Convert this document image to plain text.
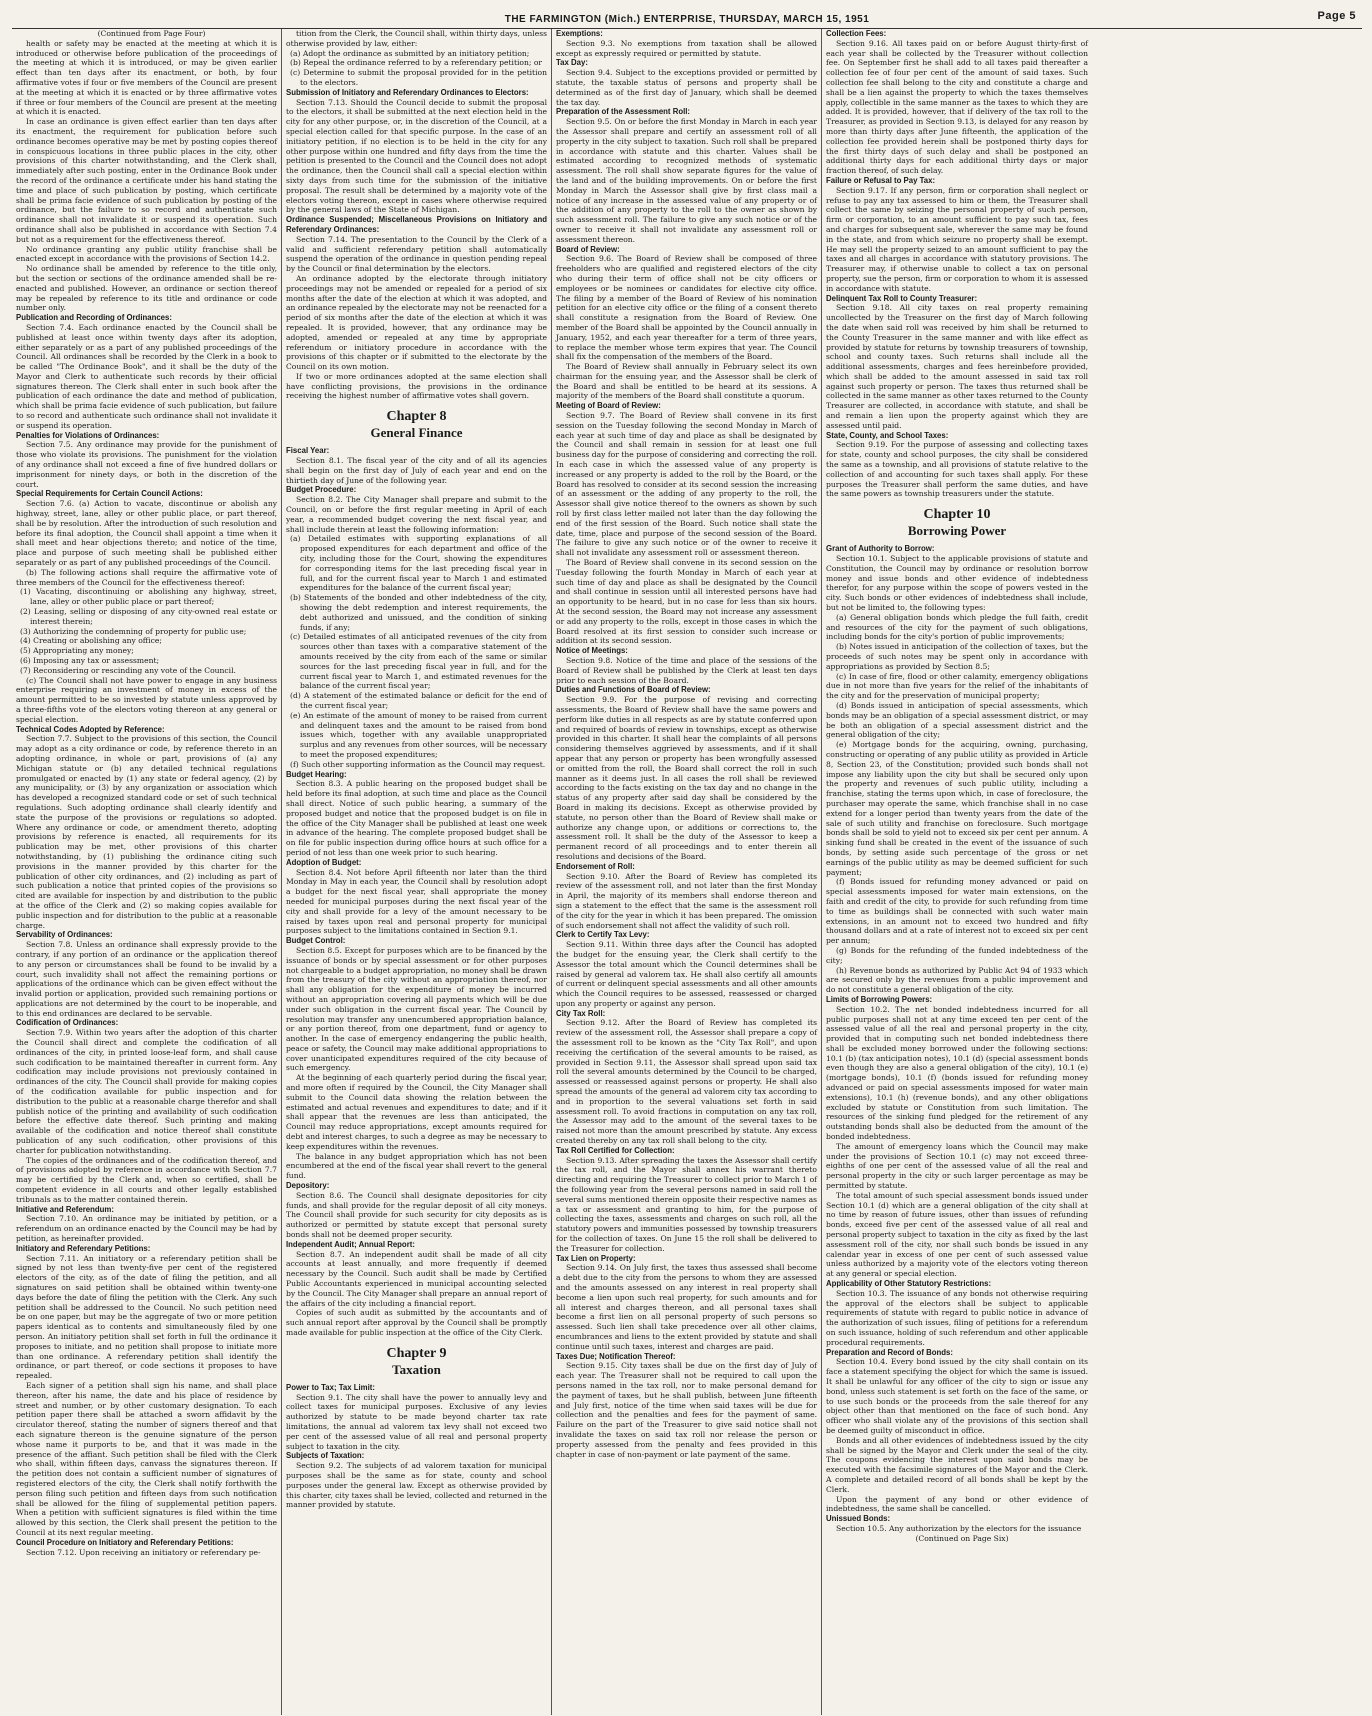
THE FARMINGTON (Mich.) ENTERPRISE, THURSDAY, MARCH 15, 1951	Page 5

(Continued from Page Four)

health or safety may be enacted at the meeting at which it is introduced or otherwise before publication of the proceedings of the meeting at which it is introduced, or may be given earlier effect than ten days after its enactment, or both, by four affirmative votes if four or five members of the Council are present at the meeting at which it is enacted or by three affirmative votes if three or four members of the Council are present at the meeting at which it is enacted.

In case an ordinance is given effect earlier than ten days after its enactment, the requirement for publication before such ordinance becomes operative may be met by posting copies thereof in conspicuous locations in three public places in the city, other provisions of this charter notwithstanding, and the Clerk shall, immediately after such posting, enter in the Ordinance Book under the record of the ordinance a certificate under his hand stating the time and place of such publication by posting, which certificate shall be prima facie evidence of such publication by posting of the ordinance, but the failure to so record and authenticate such ordinance shall not invalidate it or suspend its operation. Such ordinance shall also be published in accordance with Section 7.4 but not as a requirement for the effectiveness thereof.

No ordinance granting any public utility franchise shall be enacted except in accordance with the provisions of Section 14.2.

No ordinance shall be amended by reference to the title only, but the section or sections of the ordinance amended shall be re-enacted and published. However, an ordinance or section thereof may be repealed by reference to its title and ordinance or code number only.

Publication and Recording of Ordinances:

Section 7.4. Each ordinance enacted by the Council shall be published at least once within twenty days after its adoption, either separately or as a part of any published proceedings of the Council. All ordinances shall be recorded by the Clerk in a book to be called "The Ordinance Book", and it shall be the duty of the Mayor and Clerk to authenticate such records by their official signatures thereon. The Clerk shall enter in such book after the publication of each ordinance the date and method of publication, which shall be prima facie evidence of such publication, but failure to so record and authenticate such ordinance shall not invalidate it or suspend its operation.

Penalties for Violations of Ordinances:

Section 7.5. Any ordinance may provide for the punishment of those who violate its provisions. The punishment for the violation of any ordinance shall not exceed a fine of five hundred dollars or imprisonment for ninety days, or both in the discretion of the court.

Special Requirements for Certain Council Actions:

Section 7.6. (a) Action to vacate, discontinue or abolish any highway, street, lane, alley or other public place, or part thereof, shall be by resolution. After the introduction of such resolution and before its final adoption, the Council shall appoint a time when it shall meet and hear objections thereto; and notice of the time, place and purpose of such meeting shall be published either separately or as part of any published proceedings of the Council.

(b) The following actions shall require the affirmative vote of three members of the Council for the effectiveness thereof:

(1) Vacating, discontinuing or abolishing any highway, street, lane, alley or other public place or part thereof;

(2) Leasing, selling or disposing of any city-owned real estate or interest therein;

(3) Authorizing the condemning of property for public use;

(4) Creating or abolishing any office;

(5) Appropriating any money;

(6) Imposing any tax or assessment;

(7) Reconsidering or rescinding any vote of the Council.

(c) The Council shall not have power to engage in any business enterprise requiring an investment of money in excess of the amount permitted to be so invested by statute unless approved by a three-fifths vote of the electors voting thereon at any general or special election.

Technical Codes Adopted by Reference:

Section 7.7. Subject to the provisions of this section, the Council may adopt as a city ordinance or code, by reference thereto in an adopting ordinance, in whole or part, provisions of (a) any Michigan statute or (b) any detailed technical regulations promulgated or enacted by (1) any state or federal agency, (2) by any municipality, or (3) by any organization or association which has developed a recognized standard code or set of such technical regulations. Such adopting ordinance shall clearly identify and state the purpose of the provisions or regulations so adopted. Where any ordinance or code, or amendment thereto, adopting provisions by reference is enacted, all requirements for its publication may be met, other provisions of this charter notwithstanding, by (1) publishing the ordinance citing such provisions in the manner provided by this charter for the publication of other city ordinances, and (2) including as part of such publication a notice that printed copies of the provisions so cited are available for inspection by and distribution to the public at the office of the Clerk and (2) so making copies available for public inspection and for distribution to the public at a reasonable charge.

Servability of Ordinances:

Section 7.8. Unless an ordinance shall expressly provide to the contrary, if any portion of an ordinance or the application thereof to any person or circumstances shall be found to be invalid by a court, such invalidity shall not affect the remaining portions or applications of the ordinance which can be given effect without the invalid portion or application, provided such remaining portions or applications are not determined by the court to be inoperable, and to this end ordinances are declared to be servable.

Codification of Ordinances:

Section 7.9. Within two years after the adoption of this charter the Council shall direct and complete the codification of all ordinances of the city, in printed loose-leaf form, and shall cause such codification to be maintained thereafter in current form. Any codification may include provisions not previously contained in ordinances of the city. The Council shall provide for making copies of the codification available for public inspection and for distribution to the public at a reasonable charge therefor and shall publish notice of the printing and availability of such codification before the effective date thereof. Such printing and making available of the codification and notice thereof shall constitute publication of any such codification, other provisions of this charter for publication notwithstanding.

The copies of the ordinances and of the codification thereof, and of provisions adopted by reference in accordance with Section 7.7 may be certified by the Clerk and, when so certified, shall be competent evidence in all courts and other legally established tribunals as to the matter contained therein.

Initiative and Referendum:

Section 7.10. An ordinance may be initiated by petition, or a referendum on an ordinance enacted by the Council may be had by petition, as hereinafter provided.

Initiatory and Referendary Petitions:

Section 7.11. An initiatory or a referendary petition shall be signed by not less than twenty-five per cent of the registered electors of the city, as of the date of filing the petition, and all signatures on said petition shall be obtained within twenty-one days before the date of filing the petition with the Clerk. Any such petition shall be addressed to the Council. No such petition need be on one paper, but may be the aggregate of two or more petition papers identical as to contents and simultaneously filed by one person. An initiatory petition shall set forth in full the ordinance it proposes to initiate, and no petition shall propose to initiate more than one ordinance. A referendary petition shall identify the ordinance, or part thereof, or code sections it proposes to have repealed.

Each signer of a petition shall sign his name, and shall place thereon, after his name, the date and his place of residence by street and number, or by other customary designation. To each petition paper there shall be attached a sworn affidavit by the circulator thereof, stating the number of signers thereof and that each signature thereon is the genuine signature of the person whose name it purports to be, and that it was made in the presence of the affiant. Such petition shall be filed with the Clerk who shall, within fifteen days, canvass the signatures thereon. If the petition does not contain a sufficient number of signatures of registered electors of the city, the Clerk shall notify forthwith the person filing such petition and fifteen days from such notification shall be allowed for the filing of supplemental petition papers. When a petition with sufficient signatures is filed within the time allowed by this section, the Clerk shall present the petition to the Council at its next regular meeting.

Council Procedure on Initiatory and Referendary Petitions:

Section 7.12. Upon receiving an initiatory or referendary pe-

tition from the Clerk, the Council shall, within thirty days, unless otherwise provided by law, either:

(a) Adopt the ordinance as submitted by an initiatory petition;

(b) Repeal the ordinance referred to by a referendary petition; or

(c) Determine to submit the proposal provided for in the petition to the electors.

Submission of Initiatory and Referendary Ordinances to Electors:

Section 7.13. Should the Council decide to submit the proposal to the electors, it shall be submitted at the next election held in the city for any other purpose, or, in the discretion of the Council, at a special election called for that specific purpose. In the case of an initiatory petition, if no election is to be held in the city for any other purpose within one hundred and fifty days from the time the petition is presented to the Council and the Council does not adopt the ordinance, then the Council shall call a special election within sixty days from such time for the submission of the initiative proposal. The result shall be determined by a majority vote of the electors voting thereon, except in cases where otherwise required by the general laws of the State of Michigan.

Ordinance Suspended; Miscellaneous Provisions on Initiatory and Referendary Ordinances:

Section 7.14. The presentation to the Council by the Clerk of a valid and sufficient referendary petition shall automatically suspend the operation of the ordinance in question pending repeal by the Council or final determination by the electors.

An ordinance adopted by the electorate through initiatory proceedings may not be amended or repealed for a period of six months after the date of the election at which it was adopted, and an ordinance repealed by the electorate may not be reenacted for a period of six months after the date of the election at which it was repealed. It is provided, however, that any ordinance may be adopted, amended or repealed at any time by appropriate referendum or initiatory procedure in accordance with the provisions of this chapter or if submitted to the electorate by the Council on its own motion.

If two or more ordinances adopted at the same election shall have conflicting provisions, the provisions in the ordinance receiving the highest number of affirmative votes shall govern.

Chapter 8
General Finance

Fiscal Year:

Section 8.1. The fiscal year of the city and of all its agencies shall begin on the first day of July of each year and end on the thirtieth day of June of the following year.

Budget Procedure:

Section 8.2. The City Manager shall prepare and submit to the Council, on or before the first regular meeting in April of each year, a recommended budget covering the next fiscal year, and shall include therein at least the following information:

(a) Detailed estimates with supporting explanations of all proposed expenditures for each department and office of the city, including those for the Court, showing the expenditures for corresponding items for the last preceding fiscal year in full, and for the current fiscal year to March 1 and estimated expenditures for the balance of the current fiscal year;

(b) Statements of the bonded and other indebtedness of the city, showing the debt redemption and interest requirements, the debt authorized and unissued, and the condition of sinking funds, if any;

(c) Detailed estimates of all anticipated revenues of the city from sources other than taxes with a comparative statement of the amounts received by the city from each of the same or similar sources for the last preceding fiscal year in full, and for the current fiscal year to March 1, and estimated revenues for the balance of the current fiscal year;

(d) A statement of the estimated balance or deficit for the end of the current fiscal year;

(e) An estimate of the amount of money to be raised from current and delinquent taxes and the amount to be raised from bond issues which, together with any available unappropriated surplus and any revenues from other sources, will be necessary to meet the proposed expenditures;

(f) Such other supporting information as the Council may request.

Budget Hearing:

Section 8.3. A public hearing on the proposed budget shall be held before its final adoption, at such time and place as the Council shall direct. Notice of such public hearing, a summary of the proposed budget and notice that the proposed budget is on file in the office of the City Manager shall be published at least one week in advance of the hearing. The complete proposed budget shall be on file for public inspection during office hours at such office for a period of not less than one week prior to such hearing.

Adoption of Budget:

Section 8.4. Not before April fifteenth nor later than the third Monday in May in each year, the Council shall by resolution adopt a budget for the next fiscal year, shall appropriate the money needed for municipal purposes during the next fiscal year of the city and shall provide for a levy of the amount necessary to be raised by taxes upon real and personal property for municipal purposes subject to the limitations contained in Section 9.1.

Budget Control:

Section 8.5. Except for purposes which are to be financed by the issuance of bonds or by special assessment or for other purposes not chargeable to a budget appropriation, no money shall be drawn from the treasury of the city without an appropriation thereof, nor shall any obligation for the expenditure of money be incurred without an appropriation covering all payments which will be due under such obligation in the current fiscal year. The Council by resolution may transfer any unencumbered appropriation balance, or any portion thereof, from one department, fund or agency to another. In the case of emergency endangering the public health, peace or safety, the Council may make additional appropriations to cover unanticipated expenditures required of the city because of such emergency.

At the beginning of each quarterly period during the fiscal year, and more often if required by the Council, the City Manager shall submit to the Council data showing the relation between the estimated and actual revenues and expenditures to date; and if it shall appear that the revenues are less than anticipated, the Council may reduce appropriations, except amounts required for debt and interest charges, to such a degree as may be necessary to keep expenditures within the revenues.

The balance in any budget appropriation which has not been encumbered at the end of the fiscal year shall revert to the general fund.

Depository:

Section 8.6. The Council shall designate depositories for city funds, and shall provide for the regular deposit of all city moneys. The Council shall provide for such security for city deposits as is authorized or permitted by statute except that personal surety bonds shall not be deemed proper security.

Independent Audit; Annual Report:

Section 8.7. An independent audit shall be made of all city accounts at least annually, and more frequently if deemed necessary by the Council. Such audit shall be made by Certified Public Accountants experienced in municipal accounting selected by the Council. The City Manager shall prepare an annual report of the affairs of the city including a financial report.

Copies of such audit as submitted by the accountants and of such annual report after approval by the Council shall be promptly made available for public inspection at the office of the City Clerk.

Chapter 9
Taxation

Power to Tax; Tax Limit:

Section 9.1. The city shall have the power to annually levy and collect taxes for municipal purposes. Exclusive of any levies authorized by statute to be made beyond charter tax rate limitations, the annual ad valorem tax levy shall not exceed two per cent of the assessed value of all real and personal property subject to taxation in the city.

Subjects of Taxation:

Section 9.2. The subjects of ad valorem taxation for municipal purposes shall be the same as for state, county and school purposes under the general law. Except as otherwise provided by this charter, city taxes shall be levied, collected and returned in the manner provided by statute.

Exemptions:

Section 9.3. No exemptions from taxation shall be allowed except as expressly required or permitted by statute.

Tax Day:

Section 9.4. Subject to the exceptions provided or permitted by statute, the taxable status of persons and property shall be determined as of the first day of January, which shall be deemed the tax day.

Preparation of the Assessment Roll:

Section 9.5. On or before the first Monday in March in each year the Assessor shall prepare and certify an assessment roll of all property in the city subject to taxation. Such roll shall be prepared in accordance with statute and this charter. Values shall be estimated according to recognized methods of systematic assessment. The roll shall show separate figures for the value of the land and of the building improvements. On or before the first Monday in March the Assessor shall give by first class mail a notice of any increase in the assessed value of any property or of the addition of any property to the roll to the owner as shown by such assessment roll. The failure to give any such notice or of the owner to receive it shall not invalidate any assessment roll or assessment thereon.

Board of Review:

Section 9.6. The Board of Review shall be composed of three freeholders who are qualified and registered electors of the city who during their term of office shall not be city officers or employees or be nominees or candidates for elective city office. The filing by a member of the Board of Review of his nomination petition for an elective city office or the filing of a consent thereto shall constitute a resignation from the Board of Review. One member of the Board shall be appointed by the Council annually in January, 1952, and each year thereafter for a term of three years, to replace the member whose term expires that year. The Council shall fix the compensation of the members of the Board.

The Board of Review shall annually in February select its own chairman for the ensuing year, and the Assessor shall be clerk of the Board and shall be entitled to be heard at its sessions. A majority of the members of the Board shall constitute a quorum.

Meeting of Board of Review:

Section 9.7. The Board of Review shall convene in its first session on the Tuesday following the second Monday in March of each year at such time of day and place as shall be designated by the Council and shall remain in session for at least one full business day for the purpose of considering and correcting the roll. In each case in which the assessed value of any property is increased or any property is added to the roll by the Board, or the Board has resolved to consider at its second session the increasing of an assessment or the adding of any property to the roll, the Assessor shall give notice thereof to the owners as shown by such roll by first class letter mailed not later than the day following the end of the first session of the Board. Such notice shall state the date, time, place and purpose of the second session of the Board. The failure to give any such notice or of the owner to receive it shall not invalidate any assessment roll or assessment thereon.

The Board of Review shall convene in its second session on the Tuesday following the fourth Monday in March of each year at such time of day and place as shall be designated by the Council and shall continue in session until all interested persons have had an opportunity to be heard, but in no case for less than six hours. At the second session, the Board may not increase any assessment or add any property to the rolls, except in those cases in which the Board resolved at its first session to consider such increase or addition at its second session.

Notice of Meetings:

Section 9.8. Notice of the time and place of the sessions of the Board of Review shall be published by the Clerk at least ten days prior to each session of the Board.

Duties and Functions of Board of Review:

Section 9.9. For the purpose of revising and correcting assessments, the Board of Review shall have the same powers and perform like duties in all respects as are by statute conferred upon and required of boards of review in townships, except as otherwise provided in this charter. It shall hear the complaints of all persons considering themselves aggrieved by assessments, and if it shall appear that any person or property has been wrongfully assessed or omitted from the roll, the Board shall correct the roll in such manner as it deems just. In all cases the roll shall be reviewed according to the facts existing on the tax day and no change in the status of any property after said day shall be considered by the Board in making its decisions. Except as otherwise provided by statute, no person other than the Board of Review shall make or authorize any change upon, or additions or corrections to, the assessment roll. It shall be the duty of the Assessor to keep a permanent record of all proceedings and to enter therein all resolutions and decisions of the Board.

Endorsement of Roll:

Section 9.10. After the Board of Review has completed its review of the assessment roll, and not later than the first Monday in April, the majority of its members shall endorse thereon and sign a statement to the effect that the same is the assessment roll of the city for the year in which it has been prepared. The omission of such endorsement shall not affect the validity of such roll.

Clerk to Certify Tax Levy:

Section 9.11. Within three days after the Council has adopted the budget for the ensuing year, the Clerk shall certify to the Assessor the total amount which the Council determines shall be raised by general ad valorem tax. He shall also certify all amounts of current or delinquent special assessments and all other amounts which the Council requires to be assessed, reassessed or charged upon any property or against any person.

City Tax Roll:

Section 9.12. After the Board of Review has completed its review of the assessment roll, the Assessor shall prepare a copy of the assessment roll to be known as the "City Tax Roll", and upon receiving the certification of the several amounts to be raised, as provided in Section 9.11, the Assessor shall spread upon said tax roll the several amounts determined by the Council to be charged, assessed or reassessed against persons or property. He shall also spread the amounts of the general ad valorem city tax according to and in proportion to the several valuations set forth in said assessment roll. To avoid fractions in computation on any tax roll, the Assessor may add to the amount of the several taxes to be raised not more than the amount prescribed by statute. Any excess created thereby on any tax roll shall belong to the city.

Tax Roll Certified for Collection:

Section 9.13. After spreading the taxes the Assessor shall certify the tax roll, and the Mayor shall annex his warrant thereto directing and requiring the Treasurer to collect prior to March 1 of the following year from the several persons named in said roll the several sums mentioned therein opposite their respective names as a tax or assessment and granting to him, for the purpose of collecting the taxes, assessments and charges on such roll, all the statutory powers and immunities possessed by township treasurers for the collection of taxes. On June 15 the roll shall be delivered to the Treasurer for collection.

Tax Lien on Property:

Section 9.14. On July first, the taxes thus assessed shall become a debt due to the city from the persons to whom they are assessed and the amounts assessed on any interest in real property shall become a lien upon such real property, for such amounts and for all interest and charges thereon, and all personal taxes shall become a first lien on all personal property of such persons so assessed. Such lien shall take precedence over all other claims, encumbrances and liens to the extent provided by statute and shall continue until such taxes, interest and charges are paid.

Taxes Due; Notification Thereof:

Section 9.15. City taxes shall be due on the first day of July of each year. The Treasurer shall not be required to call upon the persons named in the tax roll, nor to make personal demand for the payment of taxes, but he shall publish, between June fifteenth and July first, notice of the time when said taxes will be due for collection and the penalties and fees for the payment of same. Failure on the part of the Treasurer to give said notice shall not invalidate the taxes on said tax roll nor release the person or property assessed from the penalty and fees provided in this chapter in case of non-payment or late payment of the same.

Collection Fees:

Section 9.16. All taxes paid on or before August thirty-first of each year shall be collected by the Treasurer without collection fee. On September first he shall add to all taxes paid thereafter a collection fee of four per cent of the amount of said taxes. Such collection fee shall belong to the city and constitute a charge and shall be a lien against the property to which the taxes themselves apply, collectible in the same manner as the taxes to which they are added. It is provided, however, that if delivery of the tax roll to the Treasurer, as provided in Section 9.13, is delayed for any reason by more than thirty days after June fifteenth, the application of the collection fee provided herein shall be postponed thirty days for the first thirty days of such delay and shall be postponed an additional thirty days for each additional thirty days or major fraction thereof, of such delay.

Failure or Refusal to Pay Tax:

Section 9.17. If any person, firm or corporation shall neglect or refuse to pay any tax assessed to him or them, the Treasurer shall collect the same by seizing the personal property of such person, firm or corporation, to an amount sufficient to pay such tax, fees and charges for subsequent sale, wherever the same may be found in the state, and from which seizure no property shall be exempt. He may sell the property seized to an amount sufficient to pay the taxes and all charges in accordance with statutory provisions. The Treasurer may, if otherwise unable to collect a tax on personal property, sue the person, firm or corporation to whom it is assessed in accordance with statute.

Delinquent Tax Roll to County Treasurer:

Section 9.18. All city taxes on real property remaining uncollected by the Treasurer on the first day of March following the date when said roll was received by him shall be returned to the County Treasurer in the same manner and with like effect as provided by statute for returns by township treasurers of township, school and county taxes. Such returns shall include all the additional assessments, charges and fees hereinbefore provided, which shall be added to the amount assessed in said tax roll against such property or person. The taxes thus returned shall be collected in the same manner as other taxes returned to the County Treasurer are collected, in accordance with statute, and shall be and remain a lien upon the property against which they are assessed until paid.

State, County, and School Taxes:

Section 9.19. For the purpose of assessing and collecting taxes for state, county and school purposes, the city shall be considered the same as a township, and all provisions of statute relative to the collection of and accounting for such taxes shall apply. For these purposes the Treasurer shall perform the same duties, and have the same powers as township treasurers under the statute.

Chapter 10
Borrowing Power

Grant of Authority to Borrow:

Section 10.1. Subject to the applicable provisions of statute and Constitution, the Council may by ordinance or resolution borrow money and issue bonds and other evidence of indebtedness therefor, for any purpose within the scope of powers vested in the city. Such bonds or other evidences of indebtedness shall include, but not be limited to, the following types:

(a) General obligation bonds which pledge the full faith, credit and resources of the city for the payment of such obligations, including bonds for the city's portion of public improvements;

(b) Notes issued in anticipation of the collection of taxes, but the proceeds of such notes may be spent only in accordance with appropriations as provided by Section 8.5;

(c) In case of fire, flood or other calamity, emergency obligations due in not more than five years for the relief of the inhabitants of the city and for the preservation of municipal property;

(d) Bonds issued in anticipation of special assessments, which bonds may be an obligation of a special assessment district, or may be both an obligation of a special assessment district and the general obligation of the city;

(e) Mortgage bonds for the acquiring, owning, purchasing, constructing or operating of any public utility as provided in Article 8, Section 23, of the Constitution; provided such bonds shall not impose any liability upon the city but shall be secured only upon the property and revenues of such public utility, including a franchise, stating the terms upon which, in case of foreclosure, the purchaser may operate the same, which franchise shall in no case extend for a longer period than twenty years from the date of the sale of such utility and franchise on foreclosure. Such mortgage bonds shall be sold to yield not to exceed six per cent per annum. A sinking fund shall be created in the event of the issuance of such bonds, by setting aside such percentage of the gross or net earnings of the public utility as may be deemed sufficient for such payment;

(f) Bonds issued for refunding money advanced or paid on special assessments imposed for water main extensions, on the faith and credit of the city, to provide for such refunding from time to time as buildings shall be connected with such water main extensions, in an amount not to exceed two hundred and fifty thousand dollars and at a rate of interest not to exceed six per cent per annum;

(g) Bonds for the refunding of the funded indebtedness of the city;

(h) Revenue bonds as authorized by Public Act 94 of 1933 which are secured only by the revenues from a public improvement and do not constitute a general obligation of the city.

Limits of Borrowing Powers:

Section 10.2. The net bonded indebtedness incurred for all public purposes shall not at any time exceed ten per cent of the assessed value of all the real and personal property in the city, provided that in computing such net bonded indebtedness there shall be excluded money borrowed under the following sections: 10.1 (b) (tax anticipation notes), 10.1 (d) (special assessment bonds even though they are also a general obligation of the city), 10.1 (e) (mortgage bonds), 10.1 (f) (bonds issued for refunding money advanced or paid on special assessments imposed for water main extensions), 10.1 (h) (revenue bonds), and any other obligations excluded by statute or Constitution from such limitation. The resources of the sinking fund pledged for the retirement of any outstanding bonds shall also be deducted from the amount of the bonded indebtedness.

The amount of emergency loans which the Council may make under the provisions of Section 10.1 (c) may not exceed three-eighths of one per cent of the assessed value of all the real and personal property in the city or such larger percentage as may be permitted by statute.

The total amount of such special assessment bonds issued under Section 10.1 (d) which are a general obligation of the city shall at no time by reason of future issues, other than issues of refunding bonds, exceed five per cent of the assessed value of all real and personal property subject to taxation in the city as fixed by the last assessment roll of the city, nor shall such bonds be issued in any calendar year in excess of one per cent of such assessed value unless authorized by a majority vote of the electors voting thereon at any general or special election.

Applicability of Other Statutory Restrictions:

Section 10.3. The issuance of any bonds not otherwise requiring the approval of the electors shall be subject to applicable requirements of statute with regard to public notice in advance of the authorization of such issues, filing of petitions for a referendum on such issuance, holding of such referendum and other applicable procedural requirements.

Preparation and Record of Bonds:

Section 10.4. Every bond issued by the city shall contain on its face a statement specifying the object for which the same is issued. It shall be unlawful for any officer of the city to sign or issue any bond, unless such statement is set forth on the face of the same, or to use such bonds or the proceeds from the sale thereof for any object other than that mentioned on the face of such bond. Any officer who shall violate any of the provisions of this section shall be deemed guilty of misconduct in office.

Bonds and all other evidences of indebtedness issued by the city shall be signed by the Mayor and Clerk under the seal of the city. The coupons evidencing the interest upon said bonds may be executed with the facsimile signatures of the Mayor and the Clerk. A complete and detailed record of all bonds shall be kept by the Clerk.

Upon the payment of any bond or other evidence of indebtedness, the same shall be cancelled.

Unissued Bonds:

Section 10.5. Any authorization by the electors for the issuance

(Continued on Page Six)
